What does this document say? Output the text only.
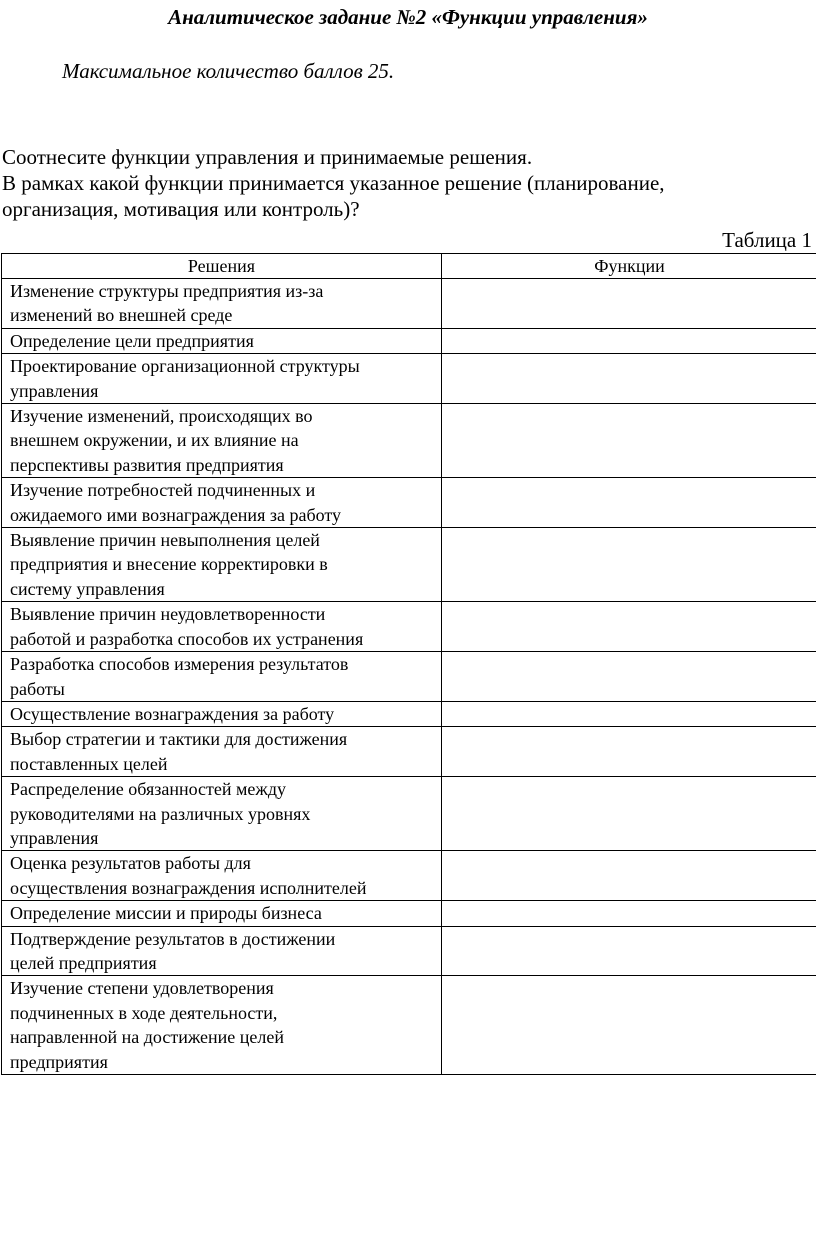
Аналитическое задание №2 «Функции управления»
Максимальное количество баллов 25.
Соотнесите функции управления и принимаемые решения.
В рамках какой функции принимается указанное решение (планирование,
организация, мотивация или контроль)?
Таблица 1
Решения	Функции

Изменение структуры предприятия из-за
изменений во внешней среде	

Определение цели предприятия	

Проектирование организационной структуры
управления	

Изучение изменений, происходящих во
внешнем окружении, и их влияние на
перспективы развития предприятия	

Изучение потребностей подчиненных и
ожидаемого ими вознаграждения за работу	

Выявление причин невыполнения целей
предприятия и внесение корректировки в
систему управления	

Выявление причин неудовлетворенности
работой и разработка способов их устранения	

Разработка способов измерения результатов
работы	

Осуществление вознаграждения за работу	

Выбор стратегии и тактики для достижения
поставленных целей	

Распределение обязанностей между
руководителями на различных уровнях
управления	

Оценка результатов работы для
осуществления вознаграждения исполнителей	

Определение миссии и природы бизнеса	

Подтверждение результатов в достижении
целей предприятия	

Изучение степени удовлетворения
подчиненных в ходе деятельности,
направленной на достижение целей
предприятия	
